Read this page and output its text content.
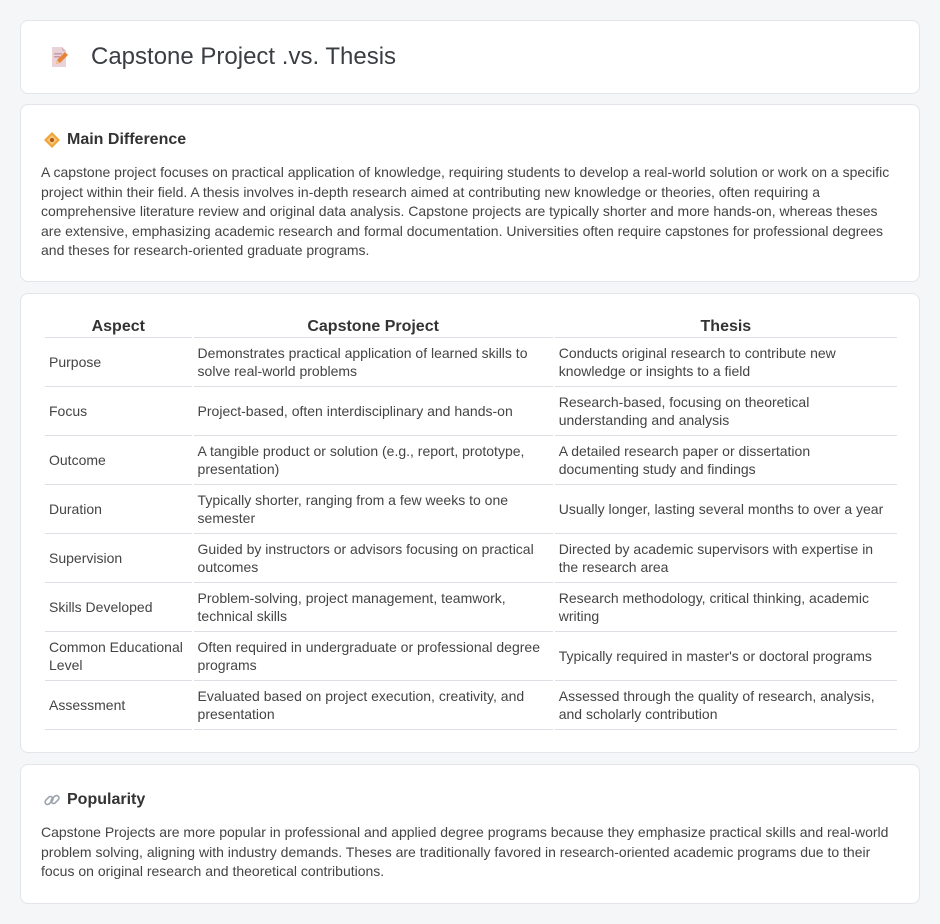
Capstone Project .vs. Thesis
Main Difference

A capstone project focuses on practical application of knowledge, requiring students to develop a real-world solution or work on a specific project within their field. A thesis involves in-depth research aimed at contributing new knowledge or theories, often requiring a comprehensive literature review and original data analysis. Capstone projects are typically shorter and more hands-on, whereas theses are extensive, emphasizing academic research and formal documentation. Universities often require capstones for professional degrees and theses for research-oriented graduate programs.

Aspect	Capstone Project	Thesis
Purpose	Demonstrates practical application of learned skills to solve real-world problems	Conducts original research to contribute new knowledge or insights to a field
Focus	Project-based, often interdisciplinary and hands-on	Research-based, focusing on theoretical understanding and analysis
Outcome	A tangible product or solution (e.g., report, prototype, presentation)	A detailed research paper or dissertation documenting study and findings
Duration	Typically shorter, ranging from a few weeks to one semester	Usually longer, lasting several months to over a year
Supervision	Guided by instructors or advisors focusing on practical outcomes	Directed by academic supervisors with expertise in the research area
Skills Developed	Problem-solving, project management, teamwork, technical skills	Research methodology, critical thinking, academic writing
Common Educational Level	Often required in undergraduate or professional degree programs	Typically required in master's or doctoral programs
Assessment	Evaluated based on project execution, creativity, and presentation	Assessed through the quality of research, analysis, and scholarly contribution
Popularity

Capstone Projects are more popular in professional and applied degree programs because they emphasize practical skills and real-world problem solving, aligning with industry demands. Theses are traditionally favored in research-oriented academic programs due to their focus on original research and theoretical contributions.
